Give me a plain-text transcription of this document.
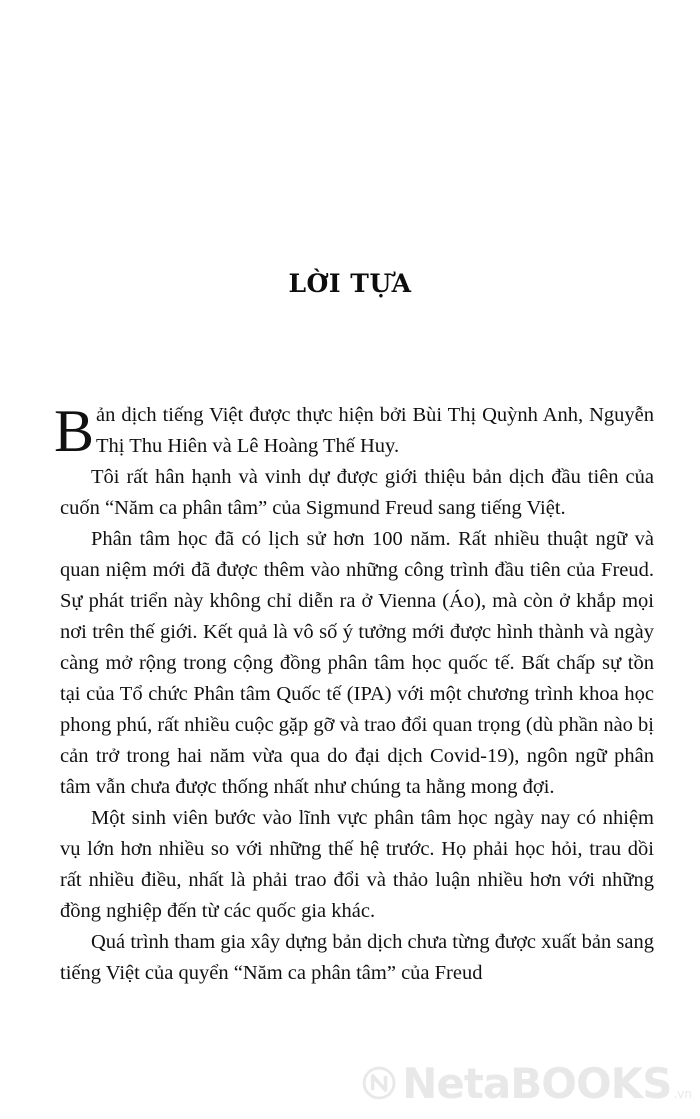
LỜI TỰA

Bản dịch tiếng Việt được thực hiện bởi Bùi Thị Quỳnh Anh, Nguyễn Thị Thu Hiên và Lê Hoàng Thế Huy.

Tôi rất hân hạnh và vinh dự được giới thiệu bản dịch đầu tiên của cuốn “Năm ca phân tâm” của Sigmund Freud sang tiếng Việt.

Phân tâm học đã có lịch sử hơn 100 năm. Rất nhiều thuật ngữ và quan niệm mới đã được thêm vào những công trình đầu tiên của Freud. Sự phát triển này không chỉ diễn ra ở Vienna (Áo), mà còn ở khắp mọi nơi trên thế giới. Kết quả là vô số ý tưởng mới được hình thành và ngày càng mở rộng trong cộng đồng phân tâm học quốc tế. Bất chấp sự tồn tại của Tổ chức Phân tâm Quốc tế (IPA) với một chương trình khoa học phong phú, rất nhiều cuộc gặp gỡ và trao đổi quan trọng (dù phần nào bị cản trở trong hai năm vừa qua do đại dịch Covid-19), ngôn ngữ phân tâm vẫn chưa được thống nhất như chúng ta hằng mong đợi.

Một sinh viên bước vào lĩnh vực phân tâm học ngày nay có nhiệm vụ lớn hơn nhiều so với những thế hệ trước. Họ phải học hỏi, trau dồi rất nhiều điều, nhất là phải trao đổi và thảo luận nhiều hơn với những đồng nghiệp đến từ các quốc gia khác.

Quá trình tham gia xây dựng bản dịch chưa từng được xuất bản sang tiếng Việt của quyển “Năm ca phân tâm” của Freud

NetaBOOKS .vn
